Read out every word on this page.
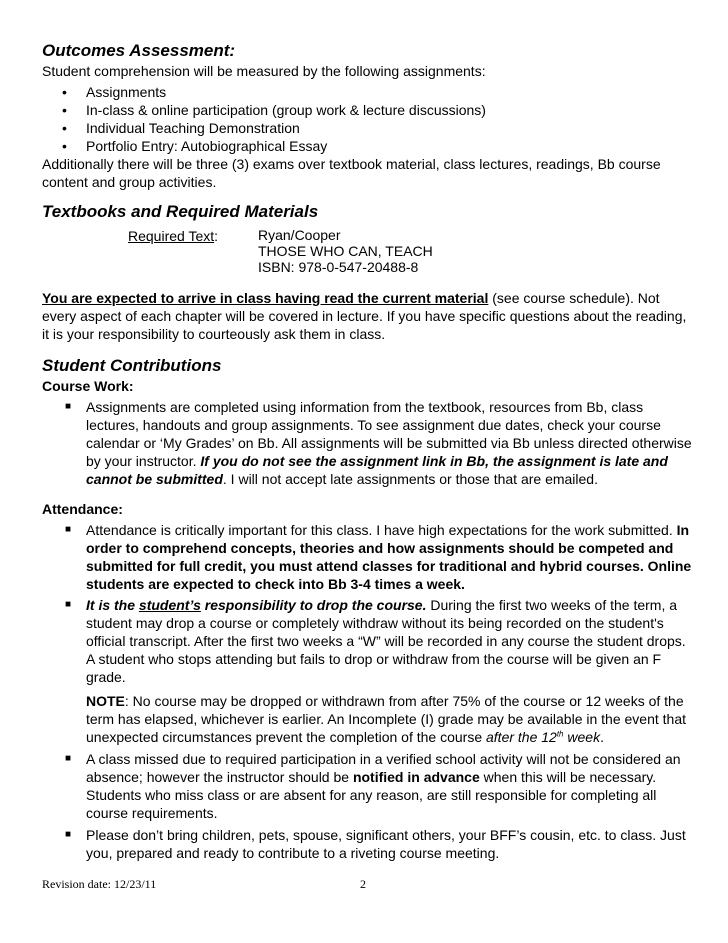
Outcomes Assessment:

Student comprehension will be measured by the following assignments:

• Assignments
• In-class & online participation (group work & lecture discussions)
• Individual Teaching Demonstration
• Portfolio Entry: Autobiographical Essay

Additionally there will be three (3) exams over textbook material, class lectures, readings, Bb course content and group activities.

Textbooks and Required Materials
Required Text:	Ryan/Cooper
THOSE WHO CAN, TEACH
ISBN: 978-0-547-20488-8

You are expected to arrive in class having read the current material (see course schedule). Not every aspect of each chapter will be covered in lecture. If you have specific questions about the reading, it is your responsibility to courteously ask them in class.

Student Contributions

Course Work:

■ Assignments are completed using information from the textbook, resources from Bb, class lectures, handouts and group assignments. To see assignment due dates, check your course calendar or ‘My Grades’ on Bb. All assignments will be submitted via Bb unless directed otherwise by your instructor. If you do not see the assignment link in Bb, the assignment is late and cannot be submitted. I will not accept late assignments or those that are emailed.

Attendance:

■ Attendance is critically important for this class. I have high expectations for the work submitted. In order to comprehend concepts, theories and how assignments should be competed and submitted for full credit, you must attend classes for traditional and hybrid courses. Online students are expected to check into Bb 3-4 times a week.
■ It is the student’s responsibility to drop the course. During the first two weeks of the term, a student may drop a course or completely withdraw without its being recorded on the student's official transcript. After the first two weeks a “W” will be recorded in any course the student drops. A student who stops attending but fails to drop or withdraw from the course will be given an F grade.
NOTE: No course may be dropped or withdrawn from after 75% of the course or 12 weeks of the term has elapsed, whichever is earlier. An Incomplete (I) grade may be available in the event that unexpected circumstances prevent the completion of the course after the 12th week.
■ A class missed due to required participation in a verified school activity will not be considered an absence; however the instructor should be notified in advance when this will be necessary. Students who miss class or are absent for any reason, are still responsible for completing all course requirements.
■ Please don’t bring children, pets, spouse, significant others, your BFF’s cousin, etc. to class. Just you, prepared and ready to contribute to a riveting course meeting.
Revision date: 12/23/11	2
